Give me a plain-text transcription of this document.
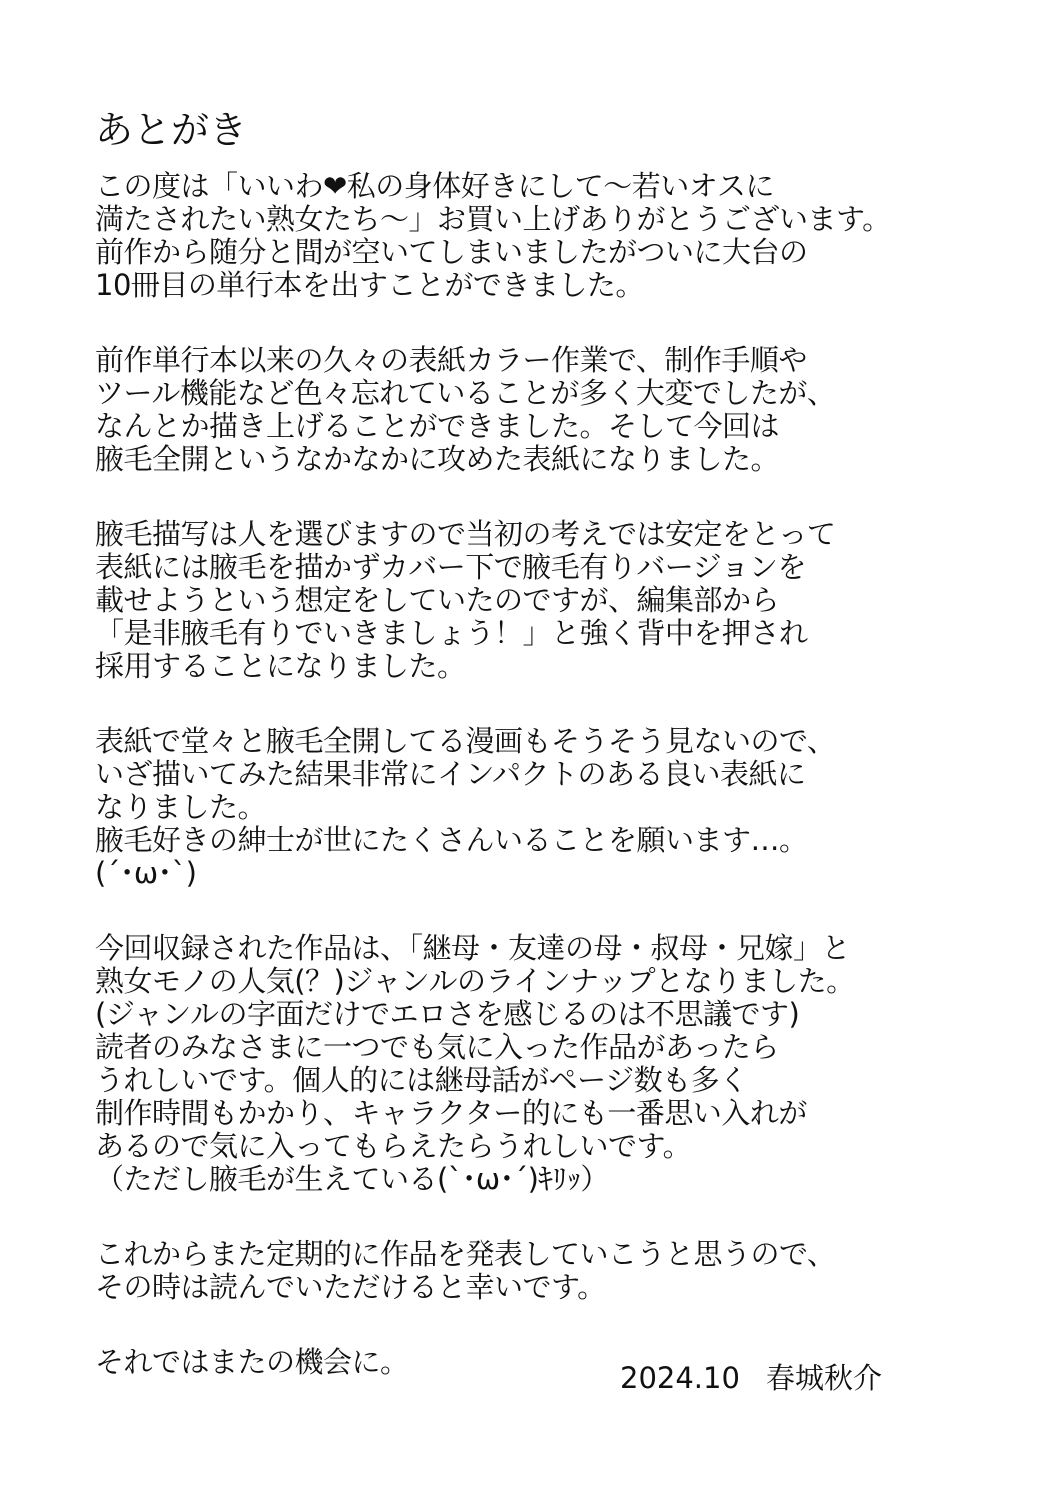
あとがき
この度は「いいわ❤私の身体好きにして〜若いオスに
満たされたい熟女たち〜」お買い上げありがとうございます。
前作から随分と間が空いてしまいましたがついに大台の
10冊目の単行本を出すことができました。
前作単行本以来の久々の表紙カラー作業で、制作手順や
ツール機能など色々忘れていることが多く大変でしたが、
なんとか描き上げることができました。そして今回は
腋毛全開というなかなかに攻めた表紙になりました。
腋毛描写は人を選びますので当初の考えでは安定をとって
表紙には腋毛を描かずカバー下で腋毛有りバージョンを
載せようという想定をしていたのですが、編集部から
「是非腋毛有りでいきましょう！」と強く背中を押され
採用することになりました。
表紙で堂々と腋毛全開してる漫画もそうそう見ないので、
いざ描いてみた結果非常にインパクトのある良い表紙に
なりました。
腋毛好きの紳士が世にたくさんいることを願います…。
(´･ω･`)
今回収録された作品は、「継母・友達の母・叔母・兄嫁」と
熟女モノの人気(？)ジャンルのラインナップとなりました。
(ジャンルの字面だけでエロさを感じるのは不思議です)
読者のみなさまに一つでも気に入った作品があったら
うれしいです。個人的には継母話がページ数も多く
制作時間もかかり、キャラクター的にも一番思い入れが
あるので気に入ってもらえたらうれしいです。
（ただし腋毛が生えている(`･ω･´)ｷﾘｯ）
これからまた定期的に作品を発表していこうと思うので、
その時は読んでいただけると幸いです。
それではまたの機会に。	2024.10 春城秋介
